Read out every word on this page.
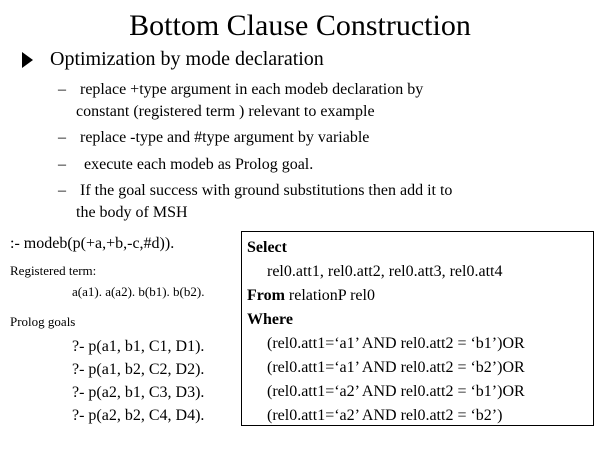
Bottom Clause Construction
Optimization by mode declaration
– replace +type argument in each modeb declaration by
constant (registered term ) relevant to example
– replace -type and #type argument by variable
–  execute each modeb as Prolog goal.
– If the goal success with ground substitutions then add it to
the body of MSH
:- modeb(p(+a,+b,-c,#d)).
Registered term:
a(a1). a(a2). b(b1). b(b2).
Prolog goals
?- p(a1, b1, C1, D1).
?- p(a1, b2, C2, D2).
?- p(a2, b1, C3, D3).
?- p(a2, b2, C4, D4).
Select
rel0.att1, rel0.att2, rel0.att3, rel0.att4
From relationP rel0
Where
(rel0.att1=‘a1’ AND rel0.att2 = ‘b1’)OR
(rel0.att1=‘a1’ AND rel0.att2 = ‘b2’)OR
(rel0.att1=‘a2’ AND rel0.att2 = ‘b1’)OR
(rel0.att1=‘a2’ AND rel0.att2 = ‘b2’)
